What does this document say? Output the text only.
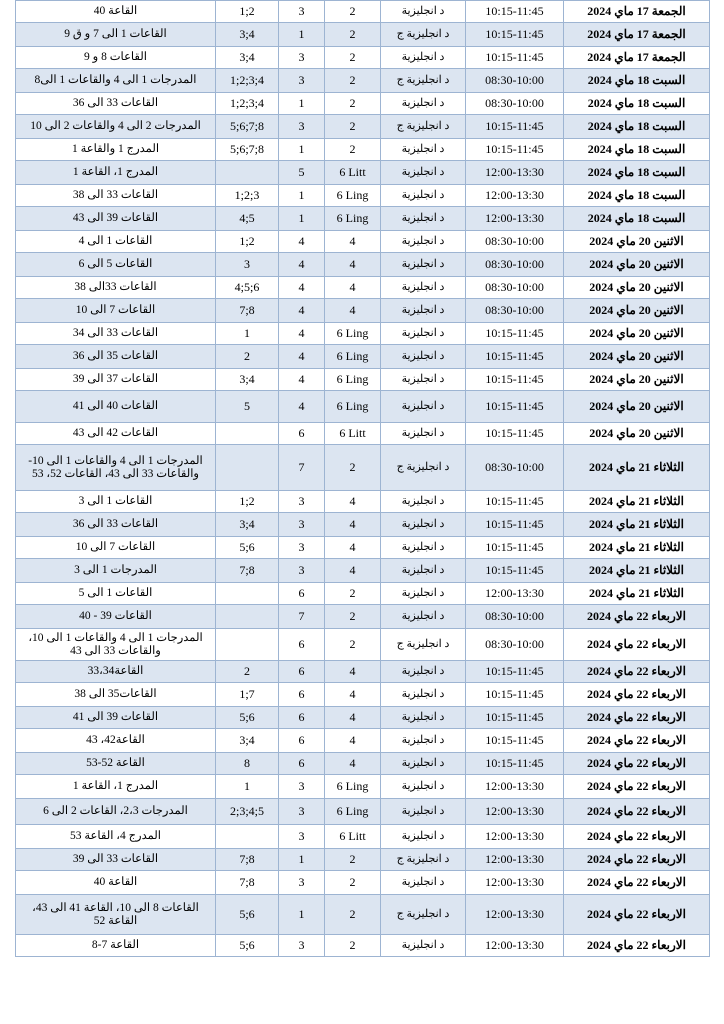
القاعة 40	1;2	3	2	د انجليزية	10:15-11:45	الجمعة 17 ماي 2024
القاعات 1 الى 7 و ق 9	3;4	1	2	د انجليزية ج	10:15-11:45	الجمعة 17 ماي 2024
القاعات 8 و 9	3;4	3	2	د انجليزية	10:15-11:45	الجمعة 17 ماي 2024
المدرجات 1 الى 4 والقاعات 1 الى8	1;2;3;4	3	2	د انجليزية ج	08:30-10:00	السبت 18 ماي 2024
القاعات 33 الى 36	1;2;3;4	1	2	د انجليزية	08:30-10:00	السبت 18 ماي 2024
المدرجات 2 الى 4 والقاعات 2 الى 10	5;6;7;8	3	2	د انجليزية ج	10:15-11:45	السبت 18 ماي 2024
المدرج 1 والقاعة 1	5;6;7;8	1	2	د انجليزية	10:15-11:45	السبت 18 ماي 2024
المدرج 1، القاعة 1		5	6 Litt	د انجليزية	12:00-13:30	السبت 18 ماي 2024
القاعات 33 الى 38	1;2;3	1	6 Ling	د انجليزية	12:00-13:30	السبت 18 ماي 2024
القاعات 39 الى 43	4;5	1	6 Ling	د انجليزية	12:00-13:30	السبت 18 ماي 2024
القاعات 1 الى 4	1;2	4	4	د انجليزية	08:30-10:00	الاثنين 20 ماي 2024
القاعات 5 الى 6	3	4	4	د انجليزية	08:30-10:00	الاثنين 20 ماي 2024
القاعات 33الى 38	4;5;6	4	4	د انجليزية	08:30-10:00	الاثنين 20 ماي 2024
القاعات 7 الى 10	7;8	4	4	د انجليزية	08:30-10:00	الاثنين 20 ماي 2024
القاعات 33 الى 34	1	4	6 Ling	د انجليزية	10:15-11:45	الاثنين 20 ماي 2024
القاعات 35 الى 36	2	4	6 Ling	د انجليزية	10:15-11:45	الاثنين 20 ماي 2024
القاعات 37 الى 39	3;4	4	6 Ling	د انجليزية	10:15-11:45	الاثنين 20 ماي 2024
القاعات 40 الى 41	5	4	6 Ling	د انجليزية	10:15-11:45	الاثنين 20 ماي 2024
القاعات 42 الى 43		6	6 Litt	د انجليزية	10:15-11:45	الاثنين 20 ماي 2024
المدرجات 1 الى 4 والقاعات 1 الى 10- والقاعات 33 الى 43، القاعات 52، 53		7	2	د انجليزية ج	08:30-10:00	الثلاثاء 21 ماي 2024
القاعات 1 الى 3	1;2	3	4	د انجليزية	10:15-11:45	الثلاثاء 21 ماي 2024
القاعات 33 الى 36	3;4	3	4	د انجليزية	10:15-11:45	الثلاثاء 21 ماي 2024
القاعات 7 الى 10	5;6	3	4	د انجليزية	10:15-11:45	الثلاثاء 21 ماي 2024
المدرجات 1 الى 3	7;8	3	4	د انجليزية	10:15-11:45	الثلاثاء 21 ماي 2024
القاعات 1 الى 5		6	2	د انجليزية	12:00-13:30	الثلاثاء 21 ماي 2024
القاعات 39 - 40		7	2	د انجليزية	08:30-10:00	الاربعاء 22 ماي 2024
المدرجات 1 الى 4 والقاعات 1 الى 10، والقاعات 33 الى 43		6	2	د انجليزية ج	08:30-10:00	الاربعاء 22 ماي 2024
القاعة33،34	2	6	4	د انجليزية	10:15-11:45	الاربعاء 22 ماي 2024
القاعات35 الى 38	1;7	6	4	د انجليزية	10:15-11:45	الاربعاء 22 ماي 2024
القاعات 39 الى 41	5;6	6	4	د انجليزية	10:15-11:45	الاربعاء 22 ماي 2024
القاعة42، 43	3;4	6	4	د انجليزية	10:15-11:45	الاربعاء 22 ماي 2024
القاعة 52-53	8	6	4	د انجليزية	10:15-11:45	الاربعاء 22 ماي 2024
المدرج 1، القاعة 1	1	3	6 Ling	د انجليزية	12:00-13:30	الاربعاء 22 ماي 2024
المدرجات 2،3، القاعات 2 الى 6	2;3;4;5	3	6 Ling	د انجليزية	12:00-13:30	الاربعاء 22 ماي 2024
المدرج 4، القاعة 53		3	6 Litt	د انجليزية	12:00-13:30	الاربعاء 22 ماي 2024
القاعات 33 الى 39	7;8	1	2	د انجليزية ج	12:00-13:30	الاربعاء 22 ماي 2024
القاعة 40	7;8	3	2	د انجليزية	12:00-13:30	الاربعاء 22 ماي 2024
القاعات 8 الى 10، القاعة 41 الى 43، القاعة 52	5;6	1	2	د انجليزية ج	12:00-13:30	الاربعاء 22 ماي 2024
القاعة 7-8	5;6	3	2	د انجليزية	12:00-13:30	الاربعاء 22 ماي 2024
